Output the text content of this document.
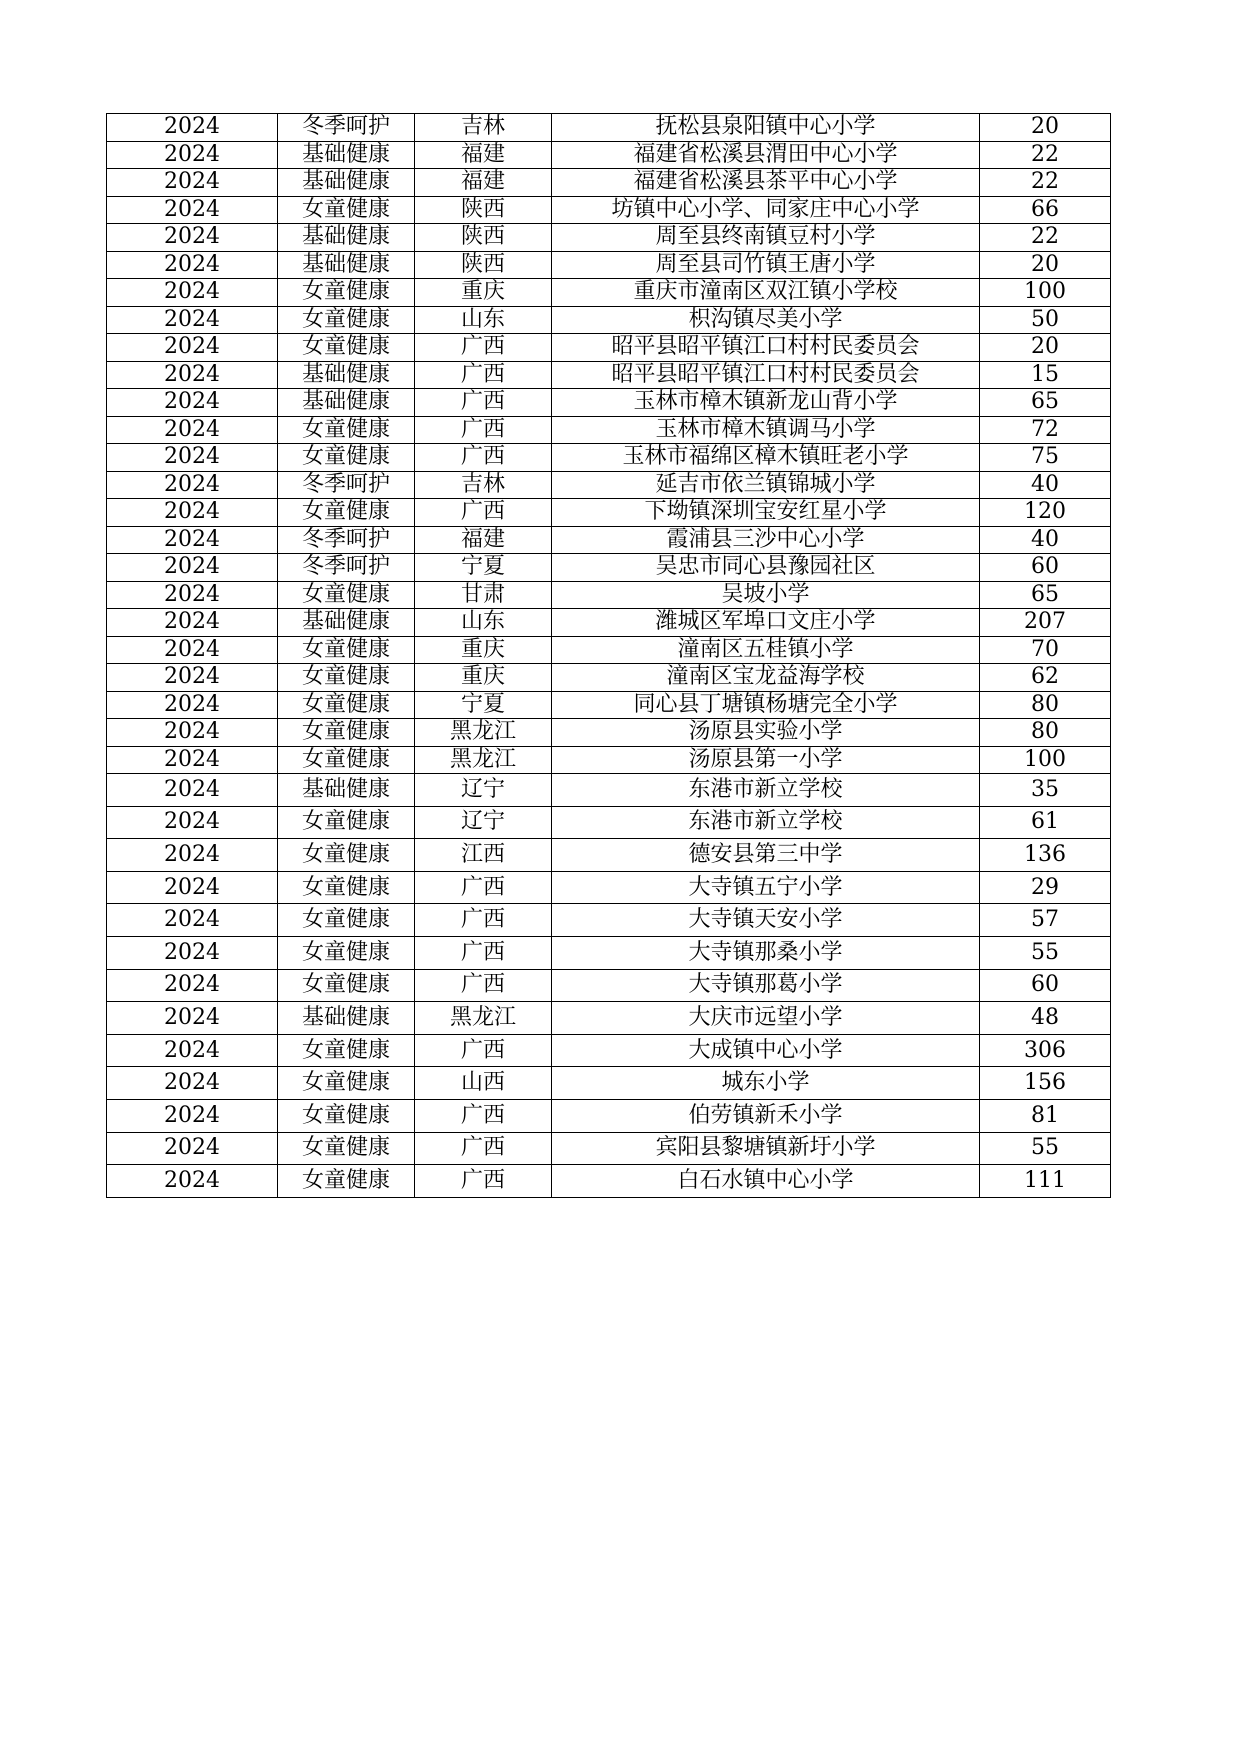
2024	冬季呵护	吉林	抚松县泉阳镇中心小学	20
2024	基础健康	福建	福建省松溪县渭田中心小学	22
2024	基础健康	福建	福建省松溪县茶平中心小学	22
2024	女童健康	陕西	坊镇中心小学、同家庄中心小学	66
2024	基础健康	陕西	周至县终南镇豆村小学	22
2024	基础健康	陕西	周至县司竹镇王唐小学	20
2024	女童健康	重庆	重庆市潼南区双江镇小学校	100
2024	女童健康	山东	枳沟镇尽美小学	50
2024	女童健康	广西	昭平县昭平镇江口村村民委员会	20
2024	基础健康	广西	昭平县昭平镇江口村村民委员会	15
2024	基础健康	广西	玉林市樟木镇新龙山背小学	65
2024	女童健康	广西	玉林市樟木镇调马小学	72
2024	女童健康	广西	玉林市福绵区樟木镇旺老小学	75
2024	冬季呵护	吉林	延吉市依兰镇锦城小学	40
2024	女童健康	广西	下坳镇深圳宝安红星小学	120
2024	冬季呵护	福建	霞浦县三沙中心小学	40
2024	冬季呵护	宁夏	吴忠市同心县豫园社区	60
2024	女童健康	甘肃	吴坡小学	65
2024	基础健康	山东	潍城区军埠口文庄小学	207
2024	女童健康	重庆	潼南区五桂镇小学	70
2024	女童健康	重庆	潼南区宝龙益海学校	62
2024	女童健康	宁夏	同心县丁塘镇杨塘完全小学	80
2024	女童健康	黑龙江	汤原县实验小学	80
2024	女童健康	黑龙江	汤原县第一小学	100
2024	基础健康	辽宁	东港市新立学校	35
2024	女童健康	辽宁	东港市新立学校	61
2024	女童健康	江西	德安县第三中学	136
2024	女童健康	广西	大寺镇五宁小学	29
2024	女童健康	广西	大寺镇天安小学	57
2024	女童健康	广西	大寺镇那桑小学	55
2024	女童健康	广西	大寺镇那葛小学	60
2024	基础健康	黑龙江	大庆市远望小学	48
2024	女童健康	广西	大成镇中心小学	306
2024	女童健康	山西	城东小学	156
2024	女童健康	广西	伯劳镇新禾小学	81
2024	女童健康	广西	宾阳县黎塘镇新圩小学	55
2024	女童健康	广西	白石水镇中心小学	111
